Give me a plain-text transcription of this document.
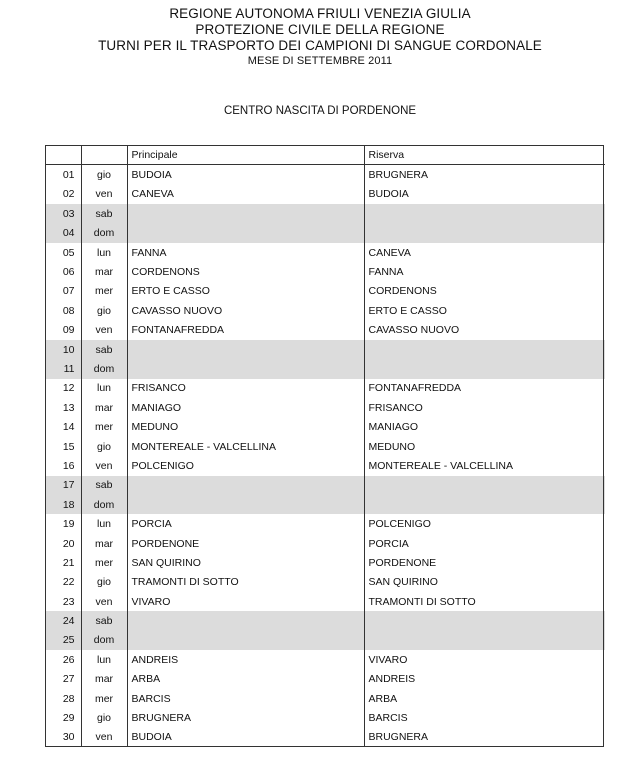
REGIONE AUTONOMA FRIULI VENEZIA GIULIA
PROTEZIONE CIVILE DELLA REGIONE
TURNI PER IL TRASPORTO DEI CAMPIONI DI SANGUE CORDONALE
MESE DI SETTEMBRE 2011
CENTRO NASCITA DI PORDENONE
		Principale	Riserva
01	gio	BUDOIA	BRUGNERA
02	ven	CANEVA	BUDOIA
03	sab		
04	dom		
05	lun	FANNA	CANEVA
06	mar	CORDENONS	FANNA
07	mer	ERTO E CASSO	CORDENONS
08	gio	CAVASSO NUOVO	ERTO E CASSO
09	ven	FONTANAFREDDA	CAVASSO NUOVO
10	sab		
11	dom		
12	lun	FRISANCO	FONTANAFREDDA
13	mar	MANIAGO	FRISANCO
14	mer	MEDUNO	MANIAGO
15	gio	MONTEREALE - VALCELLINA	MEDUNO
16	ven	POLCENIGO	MONTEREALE - VALCELLINA
17	sab		
18	dom		
19	lun	PORCIA	POLCENIGO
20	mar	PORDENONE	PORCIA
21	mer	SAN QUIRINO	PORDENONE
22	gio	TRAMONTI DI SOTTO	SAN QUIRINO
23	ven	VIVARO	TRAMONTI DI SOTTO
24	sab		
25	dom		
26	lun	ANDREIS	VIVARO
27	mar	ARBA	ANDREIS
28	mer	BARCIS	ARBA
29	gio	BRUGNERA	BARCIS
30	ven	BUDOIA	BRUGNERA
